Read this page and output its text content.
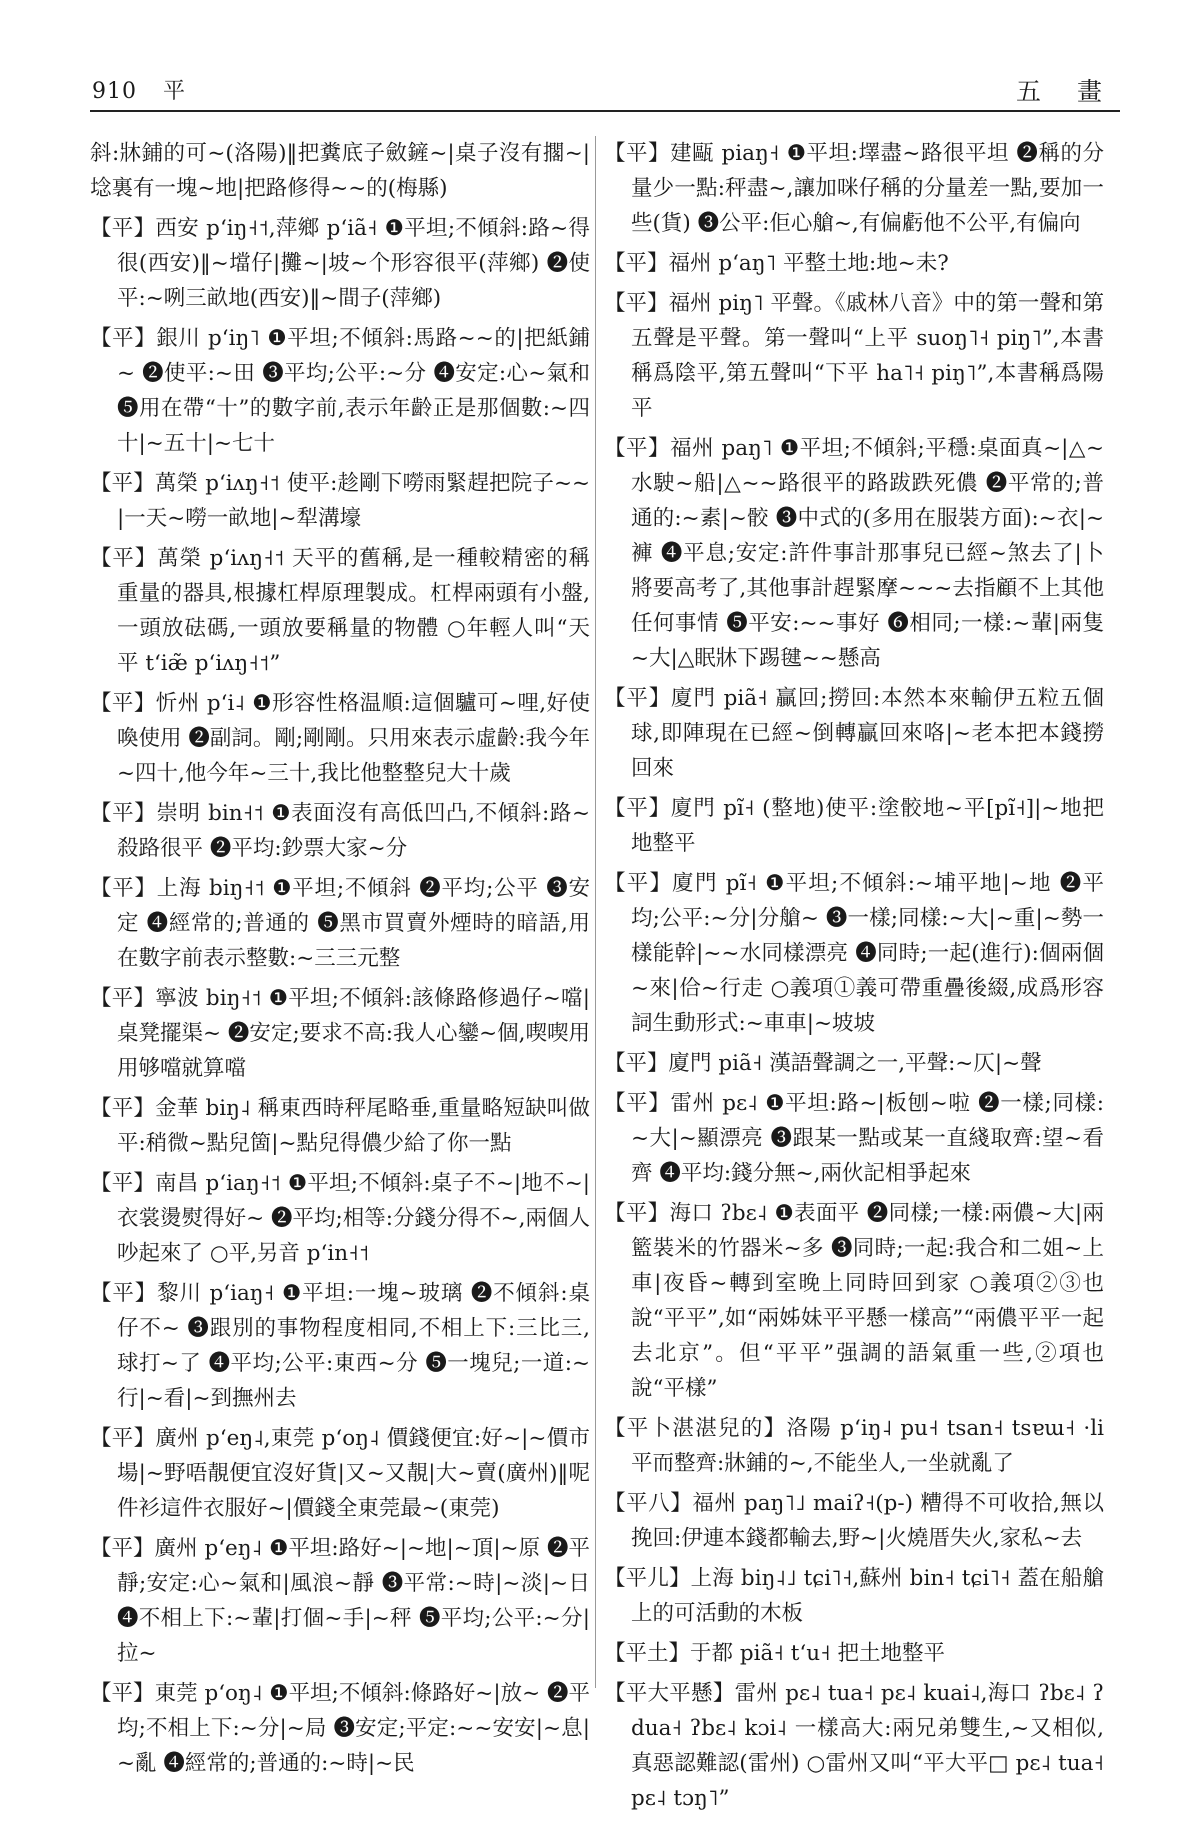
910 平	五 畫

斜:牀鋪的可~(洛陽)‖把糞底子斂鏟~|桌子沒有擱~|埝裏有一塊~地|把路修得~~的(梅縣)

【平】西安 pʻiŋ˧˦,萍鄉 pʻiã˧ ❶平坦;不傾斜:路~得很(西安)‖~壋仔|攤~|坡~个形容很平(萍鄉) ❷使平:~咧三畝地(西安)‖~間子(萍鄉)

【平】銀川 pʻiŋ˥ ❶平坦;不傾斜:馬路~~的|把紙鋪~ ❷使平:~田 ❸平均;公平:~分 ❹安定:心~氣和 ❺用在帶“十”的數字前,表示年齡正是那個數:~四十|~五十|~七十

【平】萬榮 pʻiʌŋ˧˦ 使平:趁剛下嘮雨緊趕把院子~~|一天~嘮一畝地|~犁溝壕

【平】萬榮 pʻiʌŋ˧˦ 天平的舊稱,是一種較精密的稱重量的器具,根據杠桿原理製成。杠桿兩頭有小盤,一頭放砝碼,一頭放要稱量的物體 ○年輕人叫“天平 tʻiæ̃ pʻiʌŋ˧˦”

【平】忻州 pʻi˨ ❶形容性格温順:這個驢可~哩,好使喚使用 ❷副詞。剛;剛剛。只用來表示虛齡:我今年~四十,他今年~三十,我比他整整兒大十歲

【平】崇明 bin˧˦ ❶表面沒有高低凹凸,不傾斜:路~殺路很平 ❷平均:鈔票大家~分

【平】上海 biŋ˧˦ ❶平坦;不傾斜 ❷平均;公平 ❸安定 ❹經常的;普通的 ❺黑市買賣外煙時的暗語,用在數字前表示整數:~三三元整

【平】寧波 biŋ˧˦ ❶平坦;不傾斜:該條路修過仔~噹|桌凳擺渠~ ❷安定;要求不高:我人心鑾~個,喫喫用用够噹就算噹

【平】金華 biŋ˨ 稱東西時秤尾略垂,重量略短缺叫做平:稍微~點兒箇|~點兒得儂少給了你一點

【平】南昌 pʻiaŋ˧˦ ❶平坦;不傾斜:桌子不~|地不~|衣裳燙熨得好~ ❷平均;相等:分錢分得不~,兩個人吵起來了 ○平,另音 pʻin˧˦

【平】黎川 pʻiaŋ˧ ❶平坦:一塊~玻璃 ❷不傾斜:桌仔不~ ❸跟別的事物程度相同,不相上下:三比三,球打~了 ❹平均;公平:東西~分 ❺一塊兒;一道:~行|~看|~到撫州去

【平】廣州 pʻeŋ˨,東莞 pʻoŋ˨ 價錢便宜:好~|~價市場|~野唔靚便宜沒好貨|又~又靚|大~賣(廣州)‖呢件衫這件衣服好~|價錢全東莞最~(東莞)

【平】廣州 pʻeŋ˨ ❶平坦:路好~|~地|~頂|~原 ❷平靜;安定:心~氣和|風浪~靜 ❸平常:~時|~淡|~日 ❹不相上下:~輩|打個~手|~秤 ❺平均;公平:~分|拉~

【平】東莞 pʻoŋ˨ ❶平坦;不傾斜:條路好~|放~ ❷平均;不相上下:~分|~局 ❸安定;平定:~~安安|~息|~亂 ❹經常的;普通的:~時|~民

【平】建甌 piaŋ˧ ❶平坦:墿盡~路很平坦 ❷稱的分量少一點:秤盡~,讓加咪仔稱的分量差一點,要加一些(貨) ❸公平:佢心艙~,有偏虧他不公平,有偏向

【平】福州 pʻaŋ˥ 平整土地:地~未?

【平】福州 piŋ˥ 平聲。《戚林八音》中的第一聲和第五聲是平聲。第一聲叫“上平 suoŋ˥˧ piŋ˥”,本書稱爲陰平,第五聲叫“下平 ha˥˧ piŋ˥”,本書稱爲陽平

【平】福州 paŋ˥ ❶平坦;不傾斜;平穩:桌面真~|△~水駛~船|△~~路很平的路跋跌死儂 ❷平常的;普通的:~素|~骹 ❸中式的(多用在服裝方面):~衣|~褲 ❹平息;安定:許件事計那事兒已經~煞去了|卜將要高考了,其他事計趕緊摩~~~去指顧不上其他任何事情 ❺平安:~~事好 ❻相同;一樣:~輩|兩隻~大|△眠牀下踢毽~~懸高

【平】廈門 piã˧ 贏回;撈回:本然本來輸伊五粒五個球,即陣現在已經~倒轉贏回來咯|~老本把本錢撈回來

【平】廈門 pĩ˧ (整地)使平:塗骹地~平[pĩ˧]|~地把地整平

【平】廈門 pĩ˧ ❶平坦;不傾斜:~埔平地|~地 ❷平均;公平:~分|分艙~ ❸一樣;同樣:~大|~重|~勢一樣能幹|~~水同樣漂亮 ❹同時;一起(進行):個兩個~來|佮~行走 ○義項①義可帶重疊後綴,成爲形容詞生動形式:~車車|~坡坡

【平】廈門 piã˧ 漢語聲調之一,平聲:~仄|~聲

【平】雷州 pɛ˨ ❶平坦:路~|板刨~啦 ❷一樣;同樣:~大|~顯漂亮 ❸跟某一點或某一直綫取齊:望~看齊 ❹平均:錢分無~,兩伙記相爭起來

【平】海口 ʔbɛ˨ ❶表面平 ❷同樣;一樣:兩儂~大|兩籃裝米的竹器米~多 ❸同時;一起:我合和二姐~上車|夜昏~轉到室晚上同時回到家 ○義項②③也說“平平”,如“兩姊妹平平懸一樣高”“兩儂平平一起去北京”。但“平平”强調的語氣重一些,②項也說“平樣”

【平卜湛湛兒的】洛陽 pʻiŋ˨ pu˧ tsan˧ tsɐɯ˧ ·li 平而整齊:牀鋪的~,不能坐人,一坐就亂了

【平八】福州 paŋ˥˩ maiʔ˧(p-) 糟得不可收拾,無以挽回:伊連本錢都輸去,野~|火燒厝失火,家私~去

【平儿】上海 biŋ˨˩ tɕi˥˧,蘇州 bin˧ tɕi˥˧ 蓋在船艙上的可活動的木板

【平土】于都 piã˧ tʻu˧ 把土地整平

【平大平懸】雷州 pɛ˨ tua˧ pɛ˨ kuai˨,海口 ʔbɛ˨ ʔdua˧ ʔbɛ˨ kɔi˨ 一樣高大:兩兄弟雙生,~又相似,真惡認難認(雷州) ○雷州又叫“平大平□ pɛ˨ tua˧ pɛ˨ tɔŋ˥”
